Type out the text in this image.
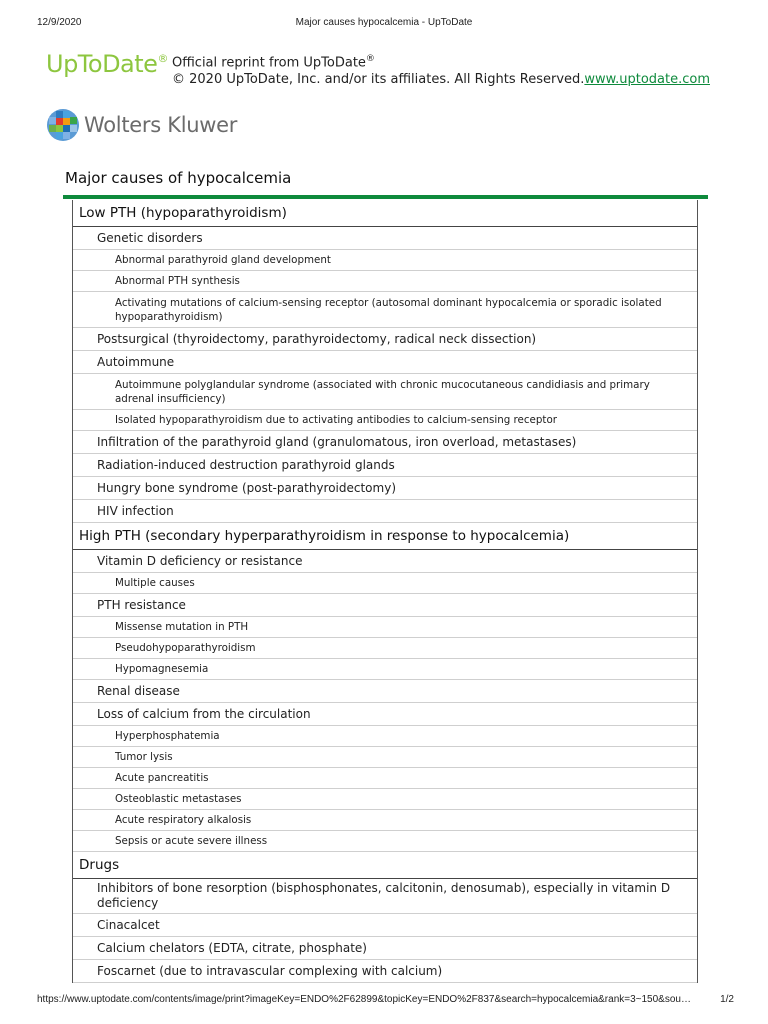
12/9/2020	Major causes hypocalcemia - UpToDate
UpToDate® Official reprint from UpToDate®
© 2020 UpToDate, Inc. and/or its affiliates. All Rights Reserved.www.uptodate.com
Wolters Kluwer
Major causes of hypocalcemia
Low PTH (hypoparathyroidism)
Genetic disorders
Abnormal parathyroid gland development
Abnormal PTH synthesis
Activating mutations of calcium-sensing receptor (autosomal dominant hypocalcemia or sporadic isolated hypoparathyroidism)
Postsurgical (thyroidectomy, parathyroidectomy, radical neck dissection)
Autoimmune
Autoimmune polyglandular syndrome (associated with chronic mucocutaneous candidiasis and primary adrenal insufficiency)
Isolated hypoparathyroidism due to activating antibodies to calcium-sensing receptor
Infiltration of the parathyroid gland (granulomatous, iron overload, metastases)
Radiation-induced destruction parathyroid glands
Hungry bone syndrome (post-parathyroidectomy)
HIV infection
High PTH (secondary hyperparathyroidism in response to hypocalcemia)
Vitamin D deficiency or resistance
Multiple causes
PTH resistance
Missense mutation in PTH
Pseudohypoparathyroidism
Hypomagnesemia
Renal disease
Loss of calcium from the circulation
Hyperphosphatemia
Tumor lysis
Acute pancreatitis
Osteoblastic metastases
Acute respiratory alkalosis
Sepsis or acute severe illness
Drugs
Inhibitors of bone resorption (bisphosphonates, calcitonin, denosumab), especially in vitamin D deficiency
Cinacalcet
Calcium chelators (EDTA, citrate, phosphate)
Foscarnet (due to intravascular complexing with calcium)
https://www.uptodate.com/contents/image/print?imageKey=ENDO%2F62899&topicKey=ENDO%2F837&search=hypocalcemia&rank=3~150&sou…	1/2
